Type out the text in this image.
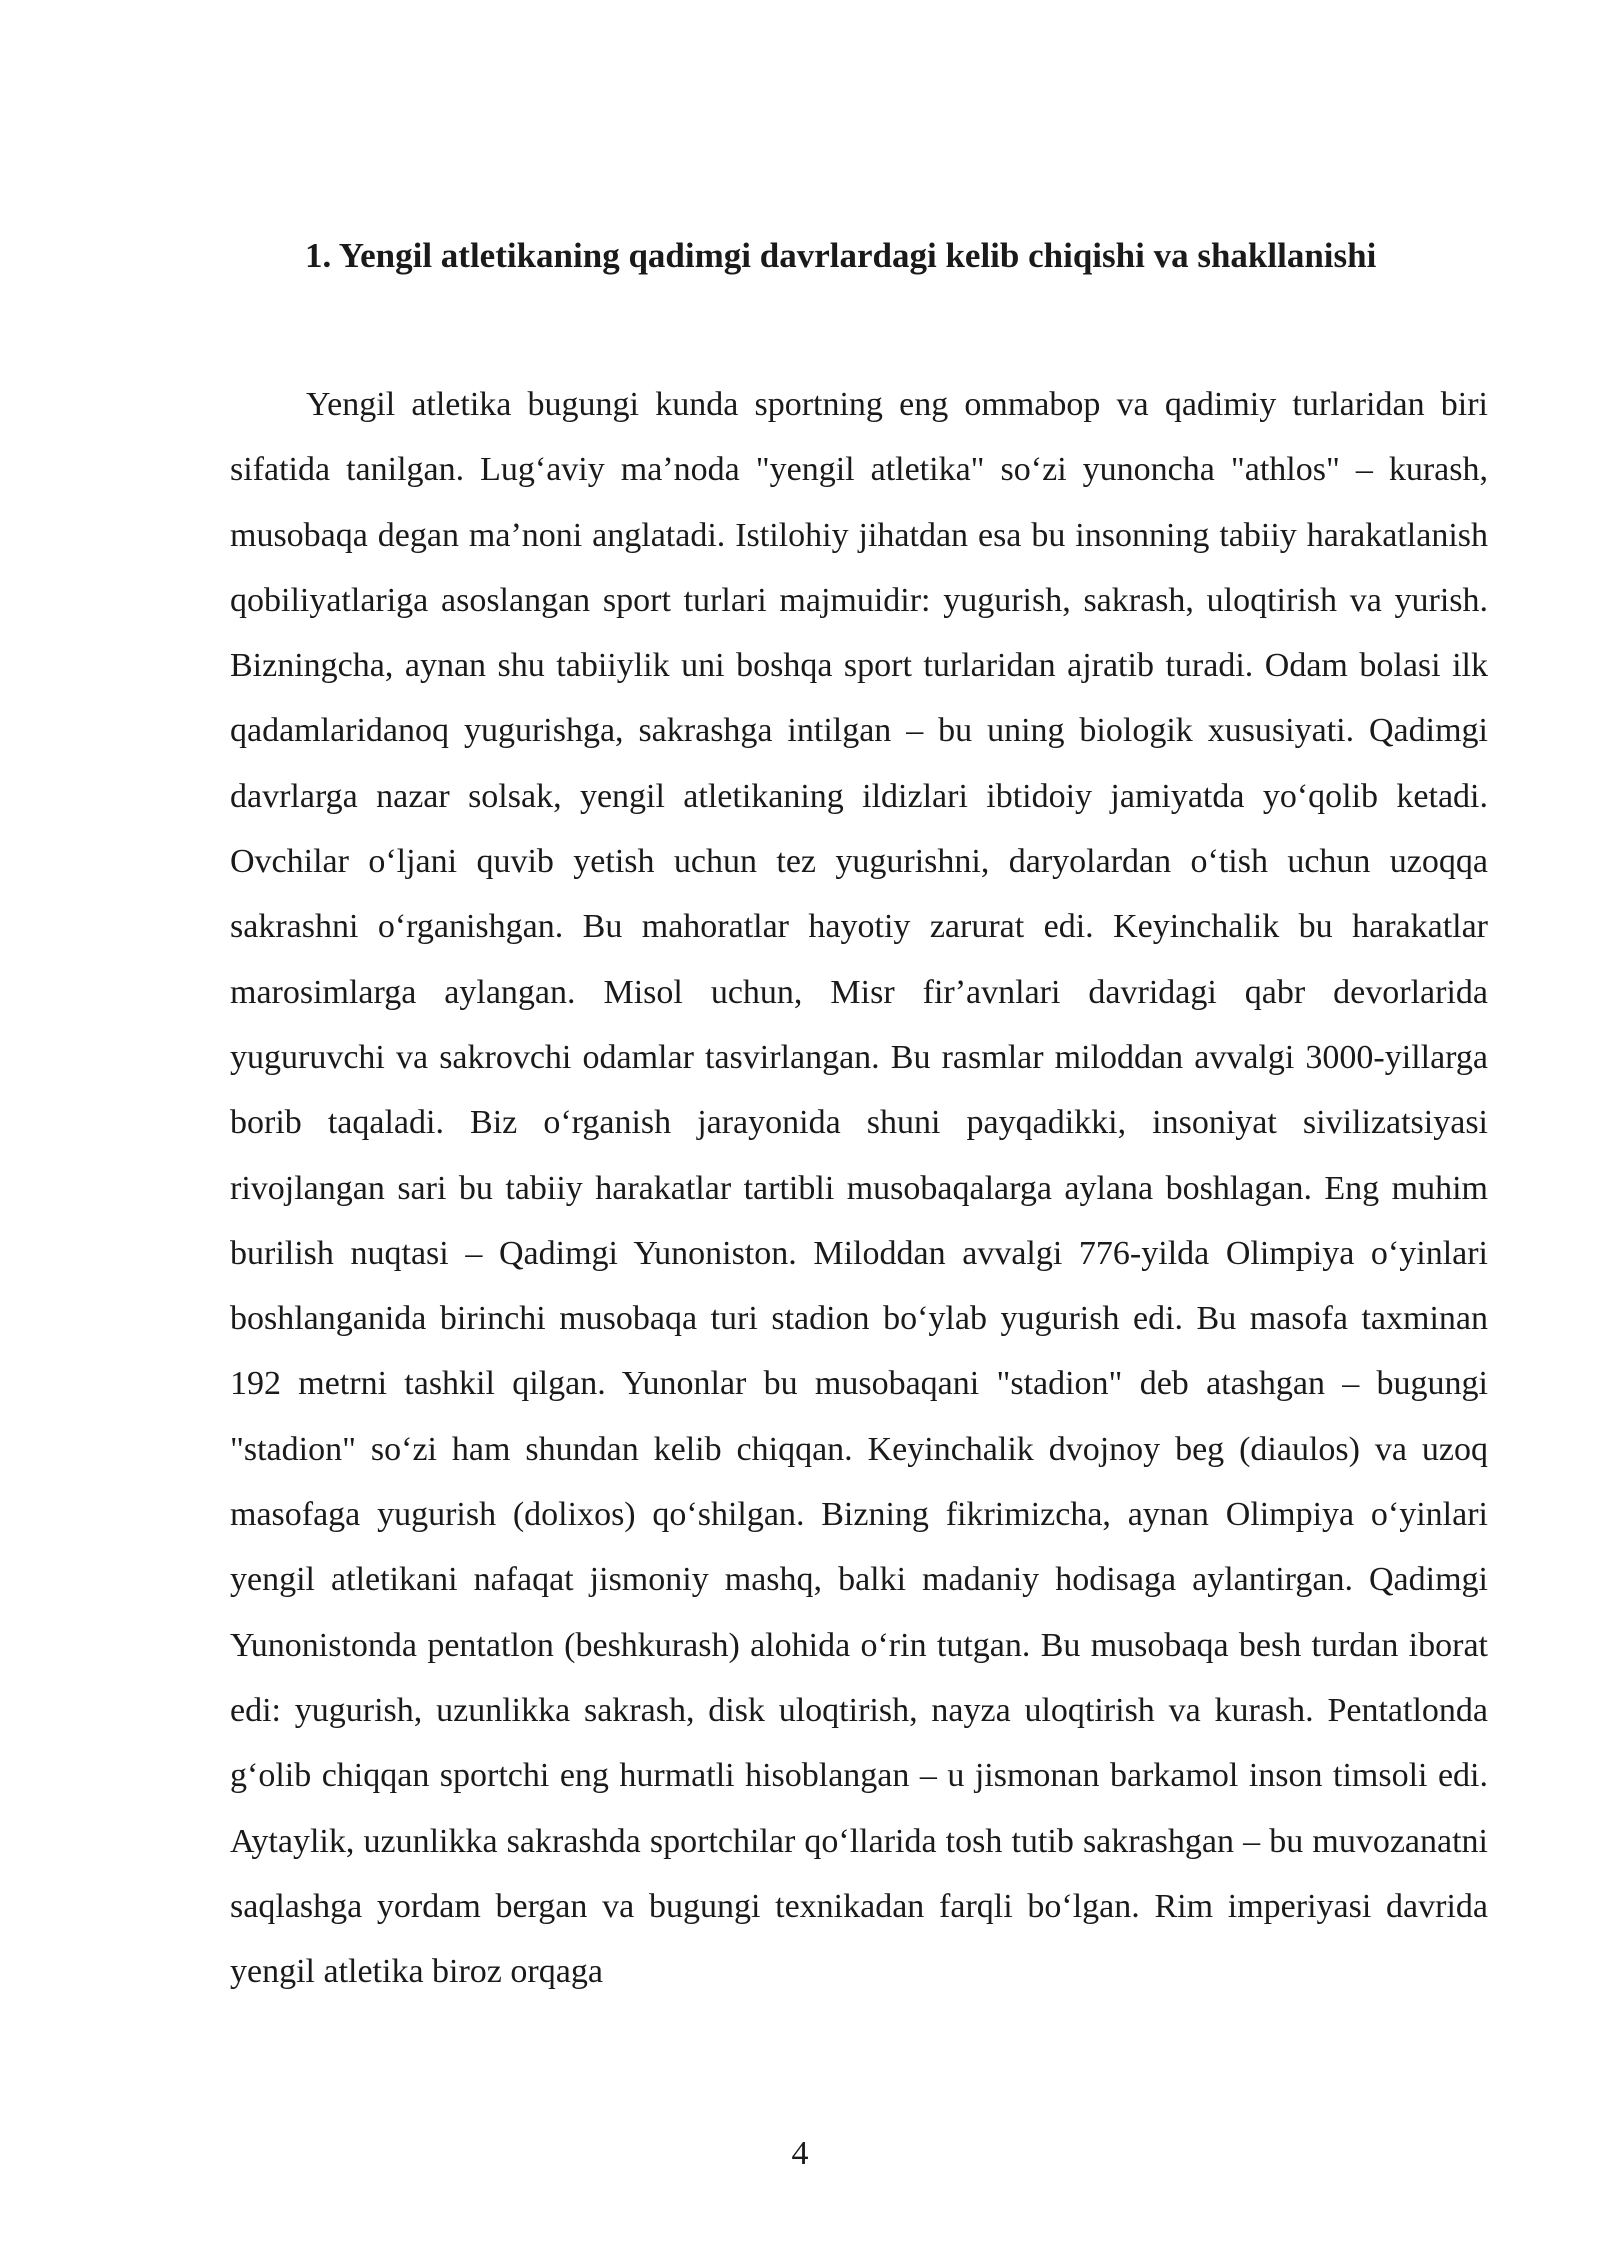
1. Yengil atletikaning qadimgi davrlardagi kelib chiqishi va shakllanishi

Yengil atletika bugungi kunda sportning eng ommabop va qadimiy turlaridan biri sifatida tanilgan. Lugʻaviy maʼnoda "yengil atletika" soʻzi yunoncha "athlos" – kurash, musobaqa degan maʼnoni anglatadi. Istilohiy jihatdan esa bu insonning tabiiy harakatlanish qobiliyatlariga asoslangan sport turlari majmuidir: yugurish, sakrash, uloqtirish va yurish. Bizningcha, aynan shu tabiiylik uni boshqa sport turlaridan ajratib turadi. Odam bolasi ilk qadamlaridanoq yugurishga, sakrashga intilgan – bu uning biologik xususiyati. Qadimgi davrlarga nazar solsak, yengil atletikaning ildizlari ibtidoiy jamiyatda yoʻqolib ketadi. Ovchilar oʻljani quvib yetish uchun tez yugurishni, daryolardan oʻtish uchun uzoqqa sakrashni oʻrganishgan. Bu mahoratlar hayotiy zarurat edi. Keyinchalik bu harakatlar marosimlarga aylangan. Misol uchun, Misr firʼavnlari davridagi qabr devorlarida yuguruvchi va sakrovchi odamlar tasvirlangan. Bu rasmlar miloddan avvalgi 3000-yillarga borib taqaladi. Biz oʻrganish jarayonida shuni payqadikki, insoniyat sivilizatsiyasi rivojlangan sari bu tabiiy harakatlar tartibli musobaqalarga aylana boshlagan. Eng muhim burilish nuqtasi – Qadimgi Yunoniston. Miloddan avvalgi 776-yilda Olimpiya oʻyinlari boshlanganida birinchi musobaqa turi stadion boʻylab yugurish edi. Bu masofa taxminan 192 metrni tashkil qilgan. Yunonlar bu musobaqani "stadion" deb atashgan – bugungi "stadion" soʻzi ham shundan kelib chiqqan. Keyinchalik dvojnoy beg (diaulos) va uzoq masofaga yugurish (dolixos) qoʻshilgan. Bizning fikrimizcha, aynan Olimpiya oʻyinlari yengil atletikani nafaqat jismoniy mashq, balki madaniy hodisaga aylantirgan. Qadimgi Yunonistonda pentatlon (beshkurash) alohida oʻrin tutgan. Bu musobaqa besh turdan iborat edi: yugurish, uzunlikka sakrash, disk uloqtirish, nayza uloqtirish va kurash. Pentatlonda gʻolib chiqqan sportchi eng hurmatli hisoblangan – u jismonan barkamol inson timsoli edi. Aytaylik, uzunlikka sakrashda sportchilar qoʻllarida tosh tutib sakrashgan – bu muvozanatni saqlashga yordam bergan va bugungi texnikadan farqli boʻlgan. Rim imperiyasi davrida yengil atletika biroz orqaga

4
